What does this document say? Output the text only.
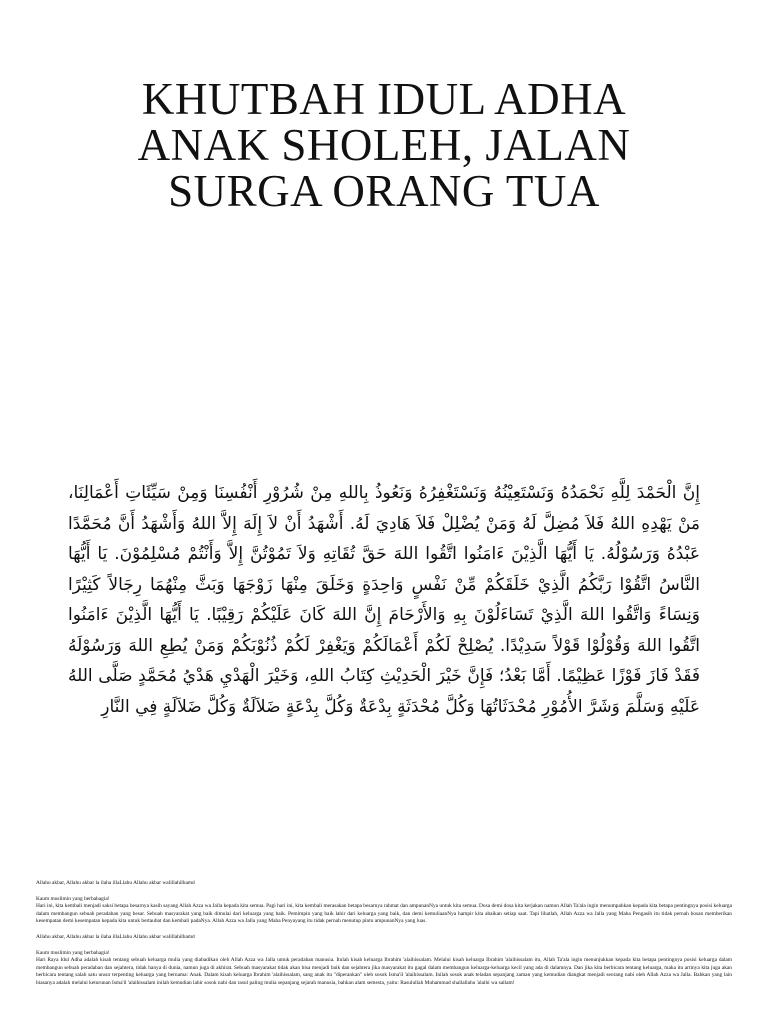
KHUTBAH IDUL ADHA
ANAK SHOLEH, JALAN
SURGA ORANG TUA

إِنَّ الْحَمْدَ لِلَّهِ نَحْمَدُهُ وَنَسْتَعِيْنُهُ وَنَسْتَغْفِرُهُ وَنَعُوذُ بِاللهِ مِنْ شُرُوْرِ أَنْفُسِنَا وَمِنْ سَيِّئَاتِ أَعْمَالِنَا، مَنْ يَهْدِهِ اللهُ فَلاَ مُضِلَّ لَهُ وَمَنْ يُضْلِلْ فَلاَ هَادِيَ لَهُ. أَشْهَدُ أَنْ لاَ إِلَهَ إِلاَّ اللهُ وَأَشْهَدُ أَنَّ مُحَمَّدًا عَبْدُهُ وَرَسُوْلُهُ. يَا أَيُّهَا الَّذِيْنَ ءَامَنُوا اتَّقُوا اللهَ حَقَّ تُقَاتِهِ وَلاَ تَمُوْتُنَّ إِلاَّ وَأَنْتُمْ مُسْلِمُوْنَ. يَا أَيُّهَا النَّاسُ اتَّقُوْا رَبَّكُمُ الَّذِيْ خَلَقَكُمْ مِّنْ نَفْسٍ وَاحِدَةٍ وَخَلَقَ مِنْهَا زَوْجَهَا وَبَثَّ مِنْهُمَا رِجَالاً كَثِيْرًا وَنِسَاءً وَاتَّقُوا اللهَ الَّذِيْ تَسَاءَلُوْنَ بِهِ وَالأَرْحَامَ إِنَّ اللهَ كَانَ عَلَيْكُمْ رَقِيْبًا. يَا أَيُّهَا الَّذِيْنَ ءَامَنُوا اتَّقُوا اللهَ وَقُوْلُوْا قَوْلاً سَدِيْدًا. يُصْلِحْ لَكُمْ أَعْمَالَكُمْ وَيَغْفِرْ لَكُمْ ذُنُوْبَكُمْ وَمَنْ يُطِعِ اللهَ وَرَسُوْلَهُ فَقَدْ فَازَ فَوْزًا عَظِيْمًا. أَمَّا بَعْدُ؛ فَإِنَّ خَيْرَ الْحَدِيْثِ كِتَابُ اللهِ، وَخَيْرَ الْهَدْيِ هَدْيُ مُحَمَّدٍ صَلَّى اللهُ عَلَيْهِ وَسَلَّمَ وَشَرَّ الأُمُوْرِ مُحْدَثَاتُهَا وَكُلَّ مُحْدَثَةٍ بِدْعَةٌ وَكُلَّ بِدْعَةٍ ضَلاَلَةٌ وَكُلَّ ضَلاَلَةٍ فِي النَّارِ

Allahu akbar, Allahu akbar la ilaha illaLlahu Allahu akbar walillahilhamd

Kaum muslimin yang berbahagia!

Hari ini, kita kembali menjadi saksi betapa besarnya kasih sayang Allah Azza wa Jalla kepada kita semua. Pagi hari ini, kita kembali merasakan betapa besarnya rahmat dan ampunanNya untuk kita semua. Dosa demi dosa kita kerjakan namun Allah Ta'ala ingin menumpahkan kepada kita betapa pentingnya posisi keluarga dalam membangun sebuah peradaban yang besar. Sebuah masyarakat yang baik dimulai dari keluarga yang baik. Pemimpin yang baik lahir dari keluarga yang baik, dan demi kemuliaanNya hampir kita abaikan setiap saat. Tapi lihatlah, Allah Azza wa Jalla yang Maha Pengasih itu tidak pernah bosan memberikan kesempatan demi kesempatan kepada kita untuk bertaubat dan kembali padaNya. Allah Azza wa Jalla yang Maha Penyayang itu tidak pernah menutup pintu ampunanNya yang luas.

Allahu akbar, Allahu akbar la ilaha illaLlahu Allahu akbar walillahilhamd

Kaum muslimin yang berbahagia!

Hari Raya Idul Adha adalah kisah tentang sebuah keluarga mulia yang diabadikan oleh Allah Azza wa Jalla untuk peradaban manusia. Itulah kisah keluarga Ibrahim 'alaihissalam. Melalui kisah keluarga Ibrahim 'alaihissalam itu, Allah Ta'ala ingin menunjukkan kepada kita betapa pentingnya posisi keluarga dalam membangun sebuah peradaban dan sejahtera, tidak hanya di dunia, namun juga di akhirat. Sebuah masyarakat tidak akan bisa menjadi baik dan sejahtera jika masyarakat itu gagal dalam membangun keluarga-keluarga kecil yang ada di dalamnya. Dan jika kita berbicara tentang keluarga, maka itu artinya kita juga akan berbicara tentang salah satu unsur terpenting keluarga yang bernama: Anak. Dalam kisah keluarga Ibrahim 'alaihissalam, sang anak itu "diperankan" oleh sosok Isma'il 'alaihissalam. Inilah sosok anak teladan sepanjang zaman yang kemudian diangkat menjadi seorang nabi oleh Allah Azza wa Jalla. Bahkan yang lain biasanya adalah melalui keturunan Isma'il 'alaihissalam inilah kemudian lahir sosok nabi dan rasul paling mulia sepanjang sejarah manusia, bahkan alam semesta, yaitu: Rasulullah Muhammad shallallahu 'alaihi wa sallam!
